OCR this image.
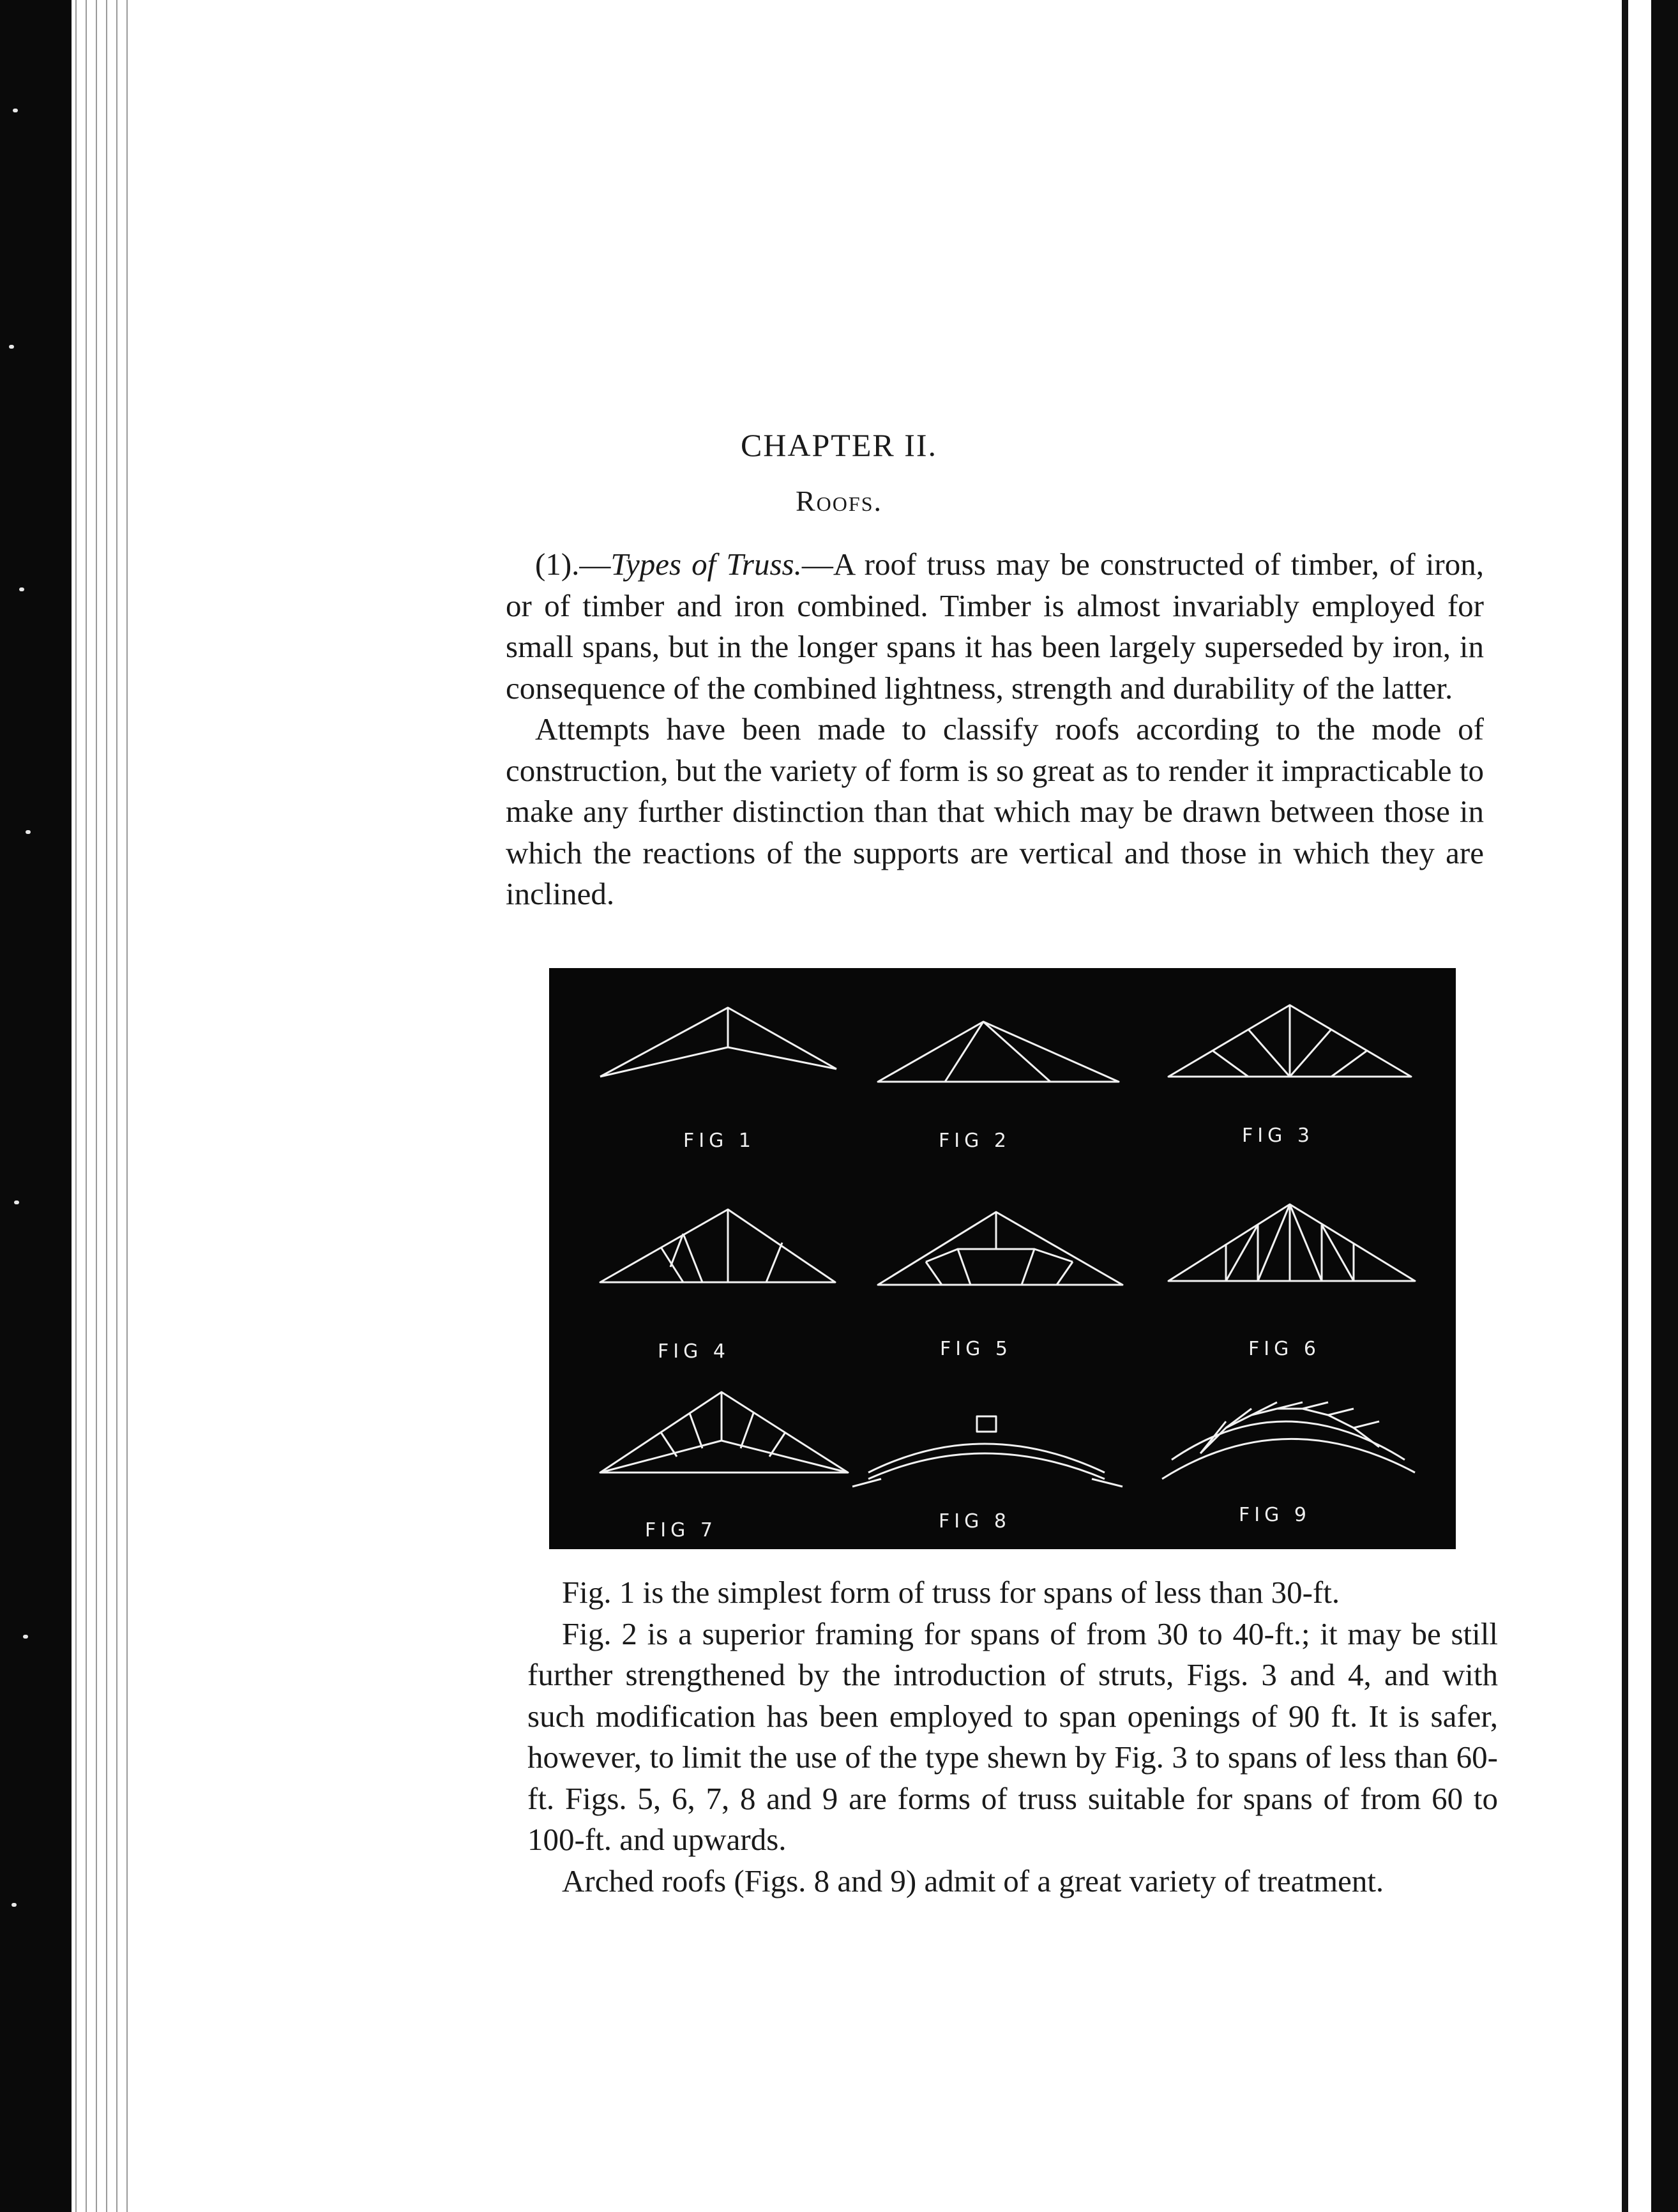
CHAPTER II.
Roofs.

(1).—Types of Truss.—A roof truss may be constructed of timber, of iron, or of timber and iron combined. Timber is almost invariably employed for small spans, but in the longer spans it has been largely superseded by iron, in consequence of the combined lightness, strength and durability of the latter.

Attempts have been made to classify roofs according to the mode of construction, but the variety of form is so great as to render it impracticable to make any further distinction than that which may be drawn between those in which the reactions of the supports are vertical and those in which they are inclined.

FIG 1	FIG 2	FIG 3
FIG 4	FIG 5	FIG 6
FIG 7	FIG 8	FIG 9

Fig. 1 is the simplest form of truss for spans of less than 30-ft.

Fig. 2 is a superior framing for spans of from 30 to 40-ft.; it may be still further strengthened by the introduction of struts, Figs. 3 and 4, and with such modification has been employed to span openings of 90 ft. It is safer, however, to limit the use of the type shewn by Fig. 3 to spans of less than 60-ft. Figs. 5, 6, 7, 8 and 9 are forms of truss suitable for spans of from 60 to 100-ft. and upwards.

Arched roofs (Figs. 8 and 9) admit of a great variety of treatment.
